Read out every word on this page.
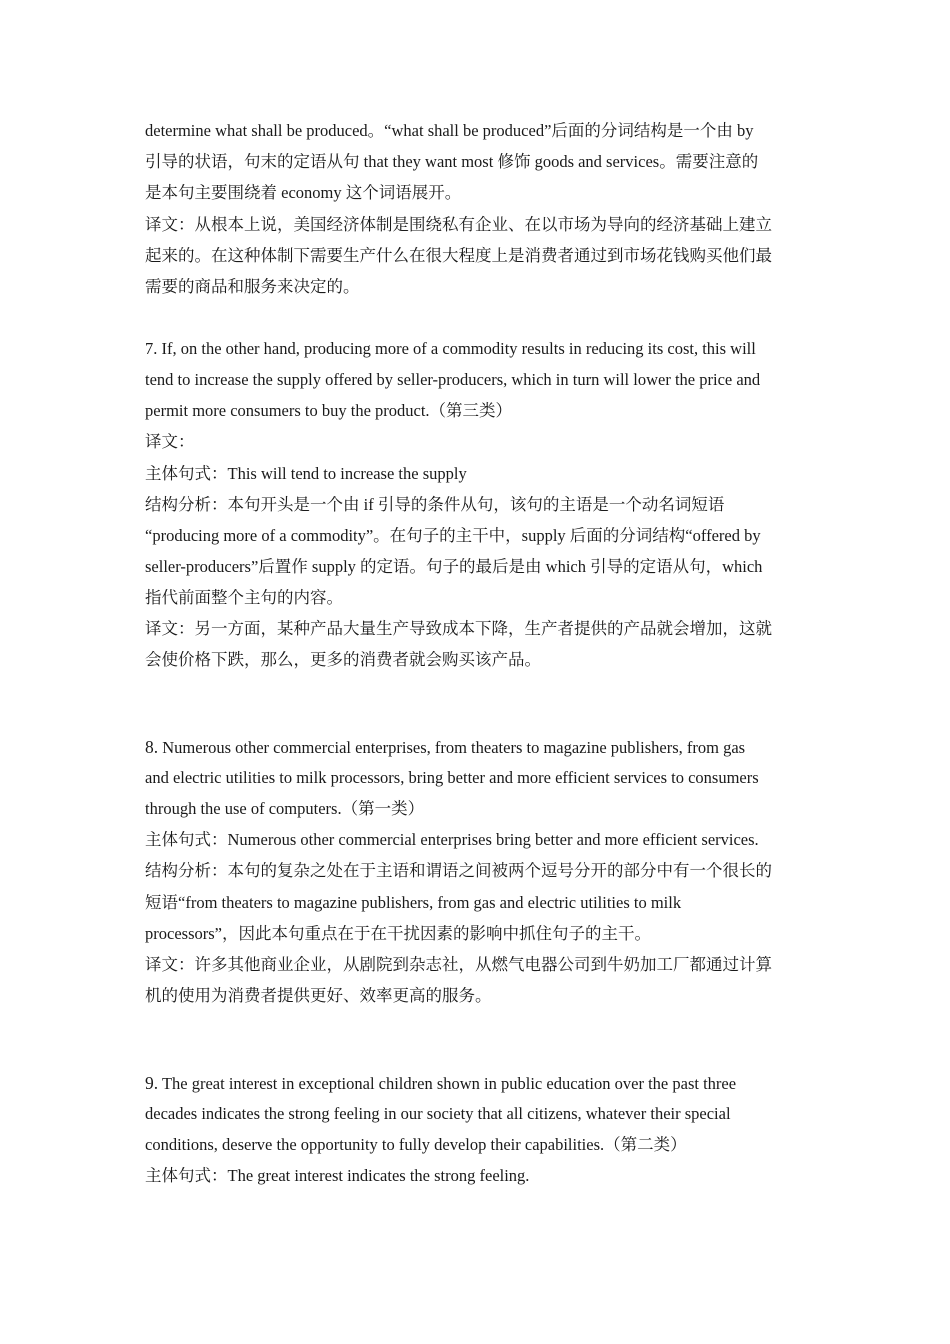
determine what shall be produced。“what shall be produced”后面的分词结构是一个由 by
引导的状语，句末的定语从句 that they want most 修饰 goods and services。需要注意的
是本句主要围绕着 economy 这个词语展开。
译文：从根本上说，美国经济体制是围绕私有企业、在以市场为导向的经济基础上建立
起来的。在这种体制下需要生产什么在很大程度上是消费者通过到市场花钱购买他们最
需要的商品和服务来决定的。
7. If, on the other hand, producing more of a commodity results in reducing its cost, this will
tend to increase the supply offered by seller-producers, which in turn will lower the price and
permit more consumers to buy the product.（第三类）
译文：
主体句式：This will tend to increase the supply
结构分析：本句开头是一个由 if 引导的条件从句，该句的主语是一个动名词短语
“producing more of a commodity”。在句子的主干中，supply 后面的分词结构“offered by
seller-producers”后置作 supply 的定语。句子的最后是由 which 引导的定语从句，which
指代前面整个主句的内容。
译文：另一方面，某种产品大量生产导致成本下降，生产者提供的产品就会增加，这就
会使价格下跌，那么，更多的消费者就会购买该产品。
8. Numerous other commercial enterprises, from theaters to magazine publishers, from gas
and electric utilities to milk processors, bring better and more efficient services to consumers
through the use of computers.（第一类）
主体句式：Numerous other commercial enterprises bring better and more efficient services.
结构分析：本句的复杂之处在于主语和谓语之间被两个逗号分开的部分中有一个很长的
短语“from theaters to magazine publishers, from gas and electric utilities to milk
processors”，因此本句重点在于在干扰因素的影响中抓住句子的主干。
译文：许多其他商业企业，从剧院到杂志社，从燃气电器公司到牛奶加工厂都通过计算
机的使用为消费者提供更好、效率更高的服务。
9. The great interest in exceptional children shown in public education over the past three
decades indicates the strong feeling in our society that all citizens, whatever their special
conditions, deserve the opportunity to fully develop their capabilities.（第二类）
主体句式：The great interest indicates the strong feeling.
